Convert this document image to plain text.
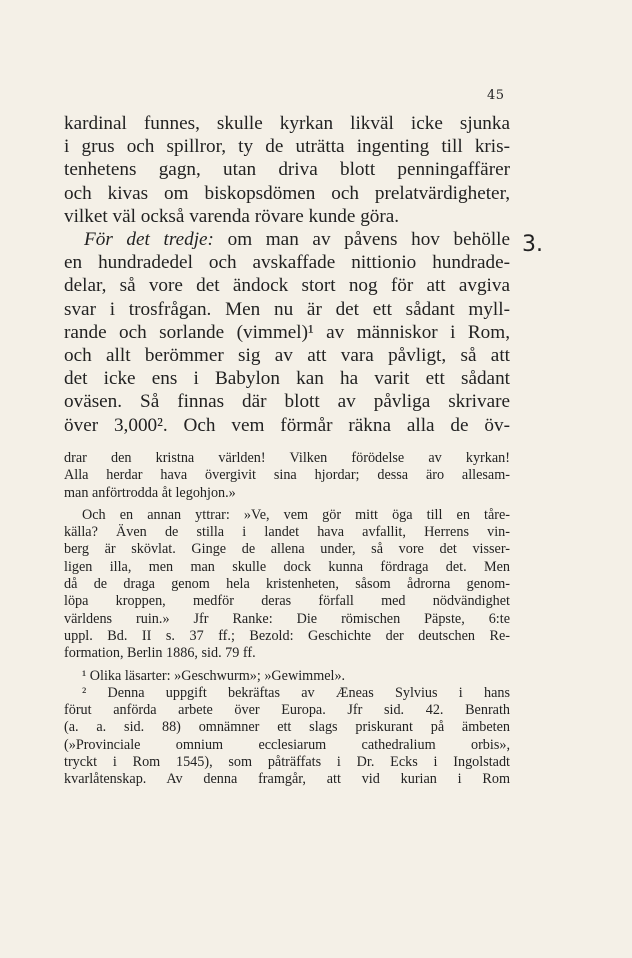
45
3.
kardinal funnes, skulle kyrkan likväl icke sjunka
i grus och spillror, ty de uträtta ingenting till kris-
tenhetens gagn, utan driva blott penningaffärer
och kivas om biskopsdömen och prelatvärdigheter,
vilket väl också varenda rövare kunde göra.
För det tredje: om man av påvens hov behölle
en hundradedel och avskaffade nittionio hundrade-
delar, så vore det ändock stort nog för att avgiva
svar i trosfrågan. Men nu är det ett sådant myll-
rande och sorlande (vimmel)¹ av människor i Rom,
och allt berömmer sig av att vara påvligt, så att
det icke ens i Babylon kan ha varit ett sådant
oväsen. Så finnas där blott av påvliga skrivare
över 3,000². Och vem förmår räkna alla de öv-
drar den kristna världen! Vilken förödelse av kyrkan!
Alla herdar hava övergivit sina hjordar; dessa äro allesam-
man anförtrodda åt legohjon.»
Och en annan yttrar: »Ve, vem gör mitt öga till en tåre-
källa? Även de stilla i landet hava avfallit, Herrens vin-
berg är skövlat. Ginge de allena under, så vore det visser-
ligen illa, men man skulle dock kunna fördraga det. Men
då de draga genom hela kristenheten, såsom ådrorna genom-
löpa kroppen, medför deras förfall med nödvändighet
världens ruin.» Jfr Ranke: Die römischen Päpste, 6:te
uppl. Bd. II s. 37 ff.; Bezold: Geschichte der deutschen Re-
formation, Berlin 1886, sid. 79 ff.
¹ Olika läsarter: »Geschwurm»; »Gewimmel».
² Denna uppgift bekräftas av Æneas Sylvius i hans
förut anförda arbete över Europa. Jfr sid. 42. Benrath
(a. a. sid. 88) omnämner ett slags priskurant på ämbeten
(»Provinciale omnium ecclesiarum cathedralium orbis»,
tryckt i Rom 1545), som påträffats i Dr. Ecks i Ingolstadt
kvarlåtenskap. Av denna framgår, att vid kurian i Rom
